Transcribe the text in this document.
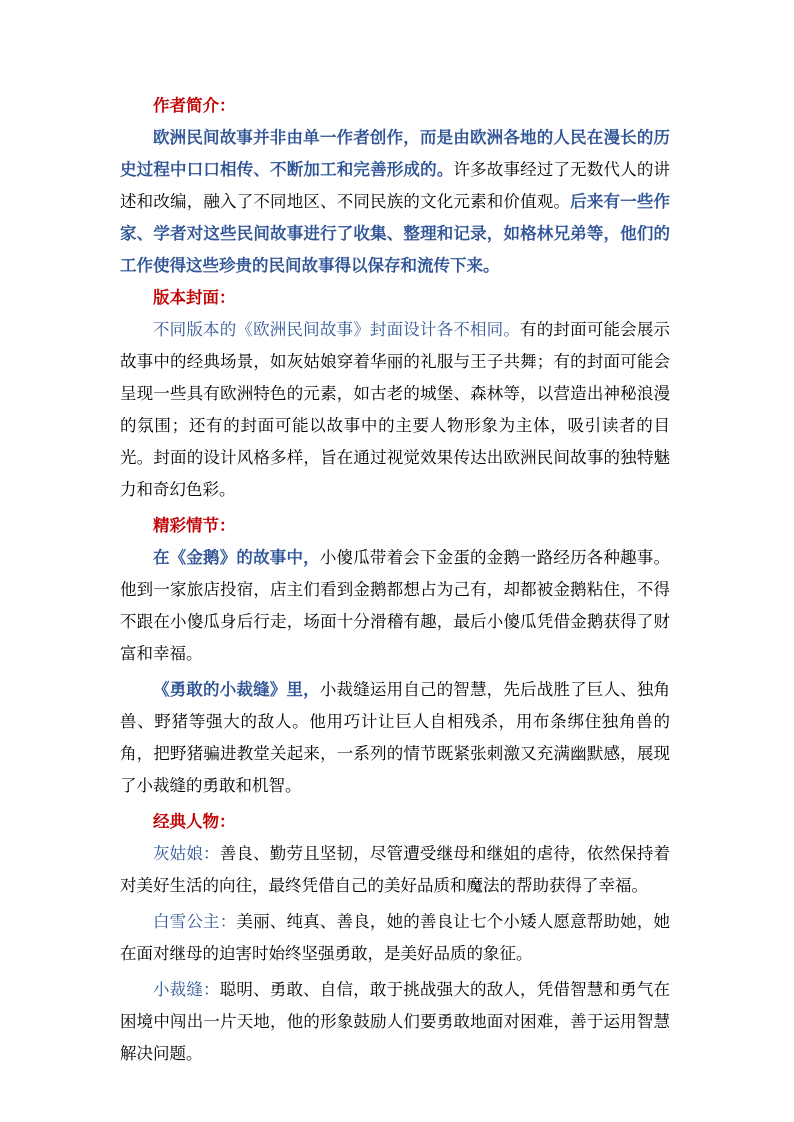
作者简介：

欧洲民间故事并非由单一作者创作，而是由欧洲各地的人民在漫长的历史过程中口口相传、不断加工和完善形成的。许多故事经过了无数代人的讲述和改编，融入了不同地区、不同民族的文化元素和价值观。后来有一些作家、学者对这些民间故事进行了收集、整理和记录，如格林兄弟等，他们的工作使得这些珍贵的民间故事得以保存和流传下来。

版本封面：

不同版本的《欧洲民间故事》封面设计各不相同。有的封面可能会展示故事中的经典场景，如灰姑娘穿着华丽的礼服与王子共舞；有的封面可能会呈现一些具有欧洲特色的元素，如古老的城堡、森林等，以营造出神秘浪漫的氛围；还有的封面可能以故事中的主要人物形象为主体，吸引读者的目光。封面的设计风格多样，旨在通过视觉效果传达出欧洲民间故事的独特魅力和奇幻色彩。

精彩情节：

在《金鹅》的故事中，小傻瓜带着会下金蛋的金鹅一路经历各种趣事。他到一家旅店投宿，店主们看到金鹅都想占为己有，却都被金鹅粘住，不得不跟在小傻瓜身后行走，场面十分滑稽有趣，最后小傻瓜凭借金鹅获得了财富和幸福。

《勇敢的小裁缝》里，小裁缝运用自己的智慧，先后战胜了巨人、独角兽、野猪等强大的敌人。他用巧计让巨人自相残杀，用布条绑住独角兽的角，把野猪骗进教堂关起来，一系列的情节既紧张刺激又充满幽默感，展现了小裁缝的勇敢和机智。

经典人物：

灰姑娘：善良、勤劳且坚韧，尽管遭受继母和继姐的虐待，依然保持着对美好生活的向往，最终凭借自己的美好品质和魔法的帮助获得了幸福。

白雪公主：美丽、纯真、善良，她的善良让七个小矮人愿意帮助她，她在面对继母的迫害时始终坚强勇敢，是美好品质的象征。

小裁缝：聪明、勇敢、自信，敢于挑战强大的敌人，凭借智慧和勇气在困境中闯出一片天地，他的形象鼓励人们要勇敢地面对困难，善于运用智慧解决问题。
